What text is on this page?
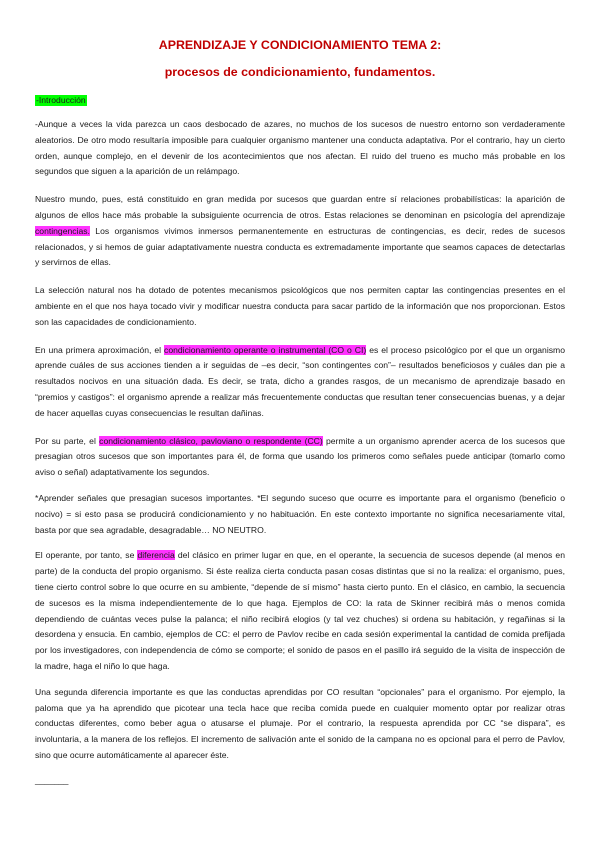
APRENDIZAJE Y CONDICIONAMIENTO TEMA 2:

procesos de condicionamiento, fundamentos.

-Introducción

-Aunque a veces la vida parezca un caos desbocado de azares, no muchos de los sucesos de nuestro entorno son verdaderamente aleatorios. De otro modo resultaría imposible para cualquier organismo mantener una conducta adaptativa. Por el contrario, hay un cierto orden, aunque complejo, en el devenir de los acontecimientos que nos afectan. El ruido del trueno es mucho más probable en los segundos que siguen a la aparición de un relámpago.

Nuestro mundo, pues, está constituido en gran medida por sucesos que guardan entre sí relaciones probabilísticas: la aparición de algunos de ellos hace más probable la subsiguiente ocurrencia de otros. Estas relaciones se denominan en psicología del aprendizaje contingencias. Los organismos vivimos inmersos permanentemente en estructuras de contingencias, es decir, redes de sucesos relacionados, y si hemos de guiar adaptativamente nuestra conducta es extremadamente importante que seamos capaces de detectarlas y servirnos de ellas.

La selección natural nos ha dotado de potentes mecanismos psicológicos que nos permiten captar las contingencias presentes en el ambiente en el que nos haya tocado vivir y modificar nuestra conducta para sacar partido de la información que nos proporcionan. Estos son las capacidades de condicionamiento.

En una primera aproximación, el condicionamiento operante o instrumental (CO o CI) es el proceso psicológico por el que un organismo aprende cuáles de sus acciones tienden a ir seguidas de –es decir, “son contingentes con”– resultados beneficiosos y cuáles dan pie a resultados nocivos en una situación dada. Es decir, se trata, dicho a grandes rasgos, de un mecanismo de aprendizaje basado en “premios y castigos”: el organismo aprende a realizar más frecuentemente conductas que resultan tener consecuencias buenas, y a dejar de hacer aquellas cuyas consecuencias le resultan dañinas.

Por su parte, el condicionamiento clásico, pavloviano o respondente (CC) permite a un organismo aprender acerca de los sucesos que presagian otros sucesos que son importantes para él, de forma que usando los primeros como señales puede anticipar (tomarlo como aviso o señal) adaptativamente los segundos.

*Aprender señales que presagian sucesos importantes. *El segundo suceso que ocurre es importante para el organismo (beneficio o nocivo) = si esto pasa se producirá condicionamiento y no habituación. En este contexto importante no significa necesariamente vital, basta por que sea agradable, desagradable… NO NEUTRO.

El operante, por tanto, se diferencia del clásico en primer lugar en que, en el operante, la secuencia de sucesos depende (al menos en parte) de la conducta del propio organismo. Si éste realiza cierta conducta pasan cosas distintas que si no la realiza: el organismo, pues, tiene cierto control sobre lo que ocurre en su ambiente, “depende de sí mismo” hasta cierto punto. En el clásico, en cambio, la secuencia de sucesos es la misma independientemente de lo que haga. Ejemplos de CO: la rata de Skinner recibirá más o menos comida dependiendo de cuántas veces pulse la palanca; el niño recibirá elogios (y tal vez chuches) si ordena su habitación, y regañinas si la desordena y ensucia. En cambio, ejemplos de CC: el perro de Pavlov recibe en cada sesión experimental la cantidad de comida prefijada por los investigadores, con independencia de cómo se comporte; el sonido de pasos en el pasillo irá seguido de la visita de inspección de la madre, haga el niño lo que haga.

Una segunda diferencia importante es que las conductas aprendidas por CO resultan “opcionales” para el organismo. Por ejemplo, la paloma que ya ha aprendido que picotear una tecla hace que reciba comida puede en cualquier momento optar por realizar otras conductas diferentes, como beber agua o atusarse el plumaje. Por el contrario, la respuesta aprendida por CC “se dispara”, es involuntaria, a la manera de los reflejos. El incremento de salivación ante el sonido de la campana no es opcional para el perro de Pavlov, sino que ocurre automáticamente al aparecer éste.

_______
